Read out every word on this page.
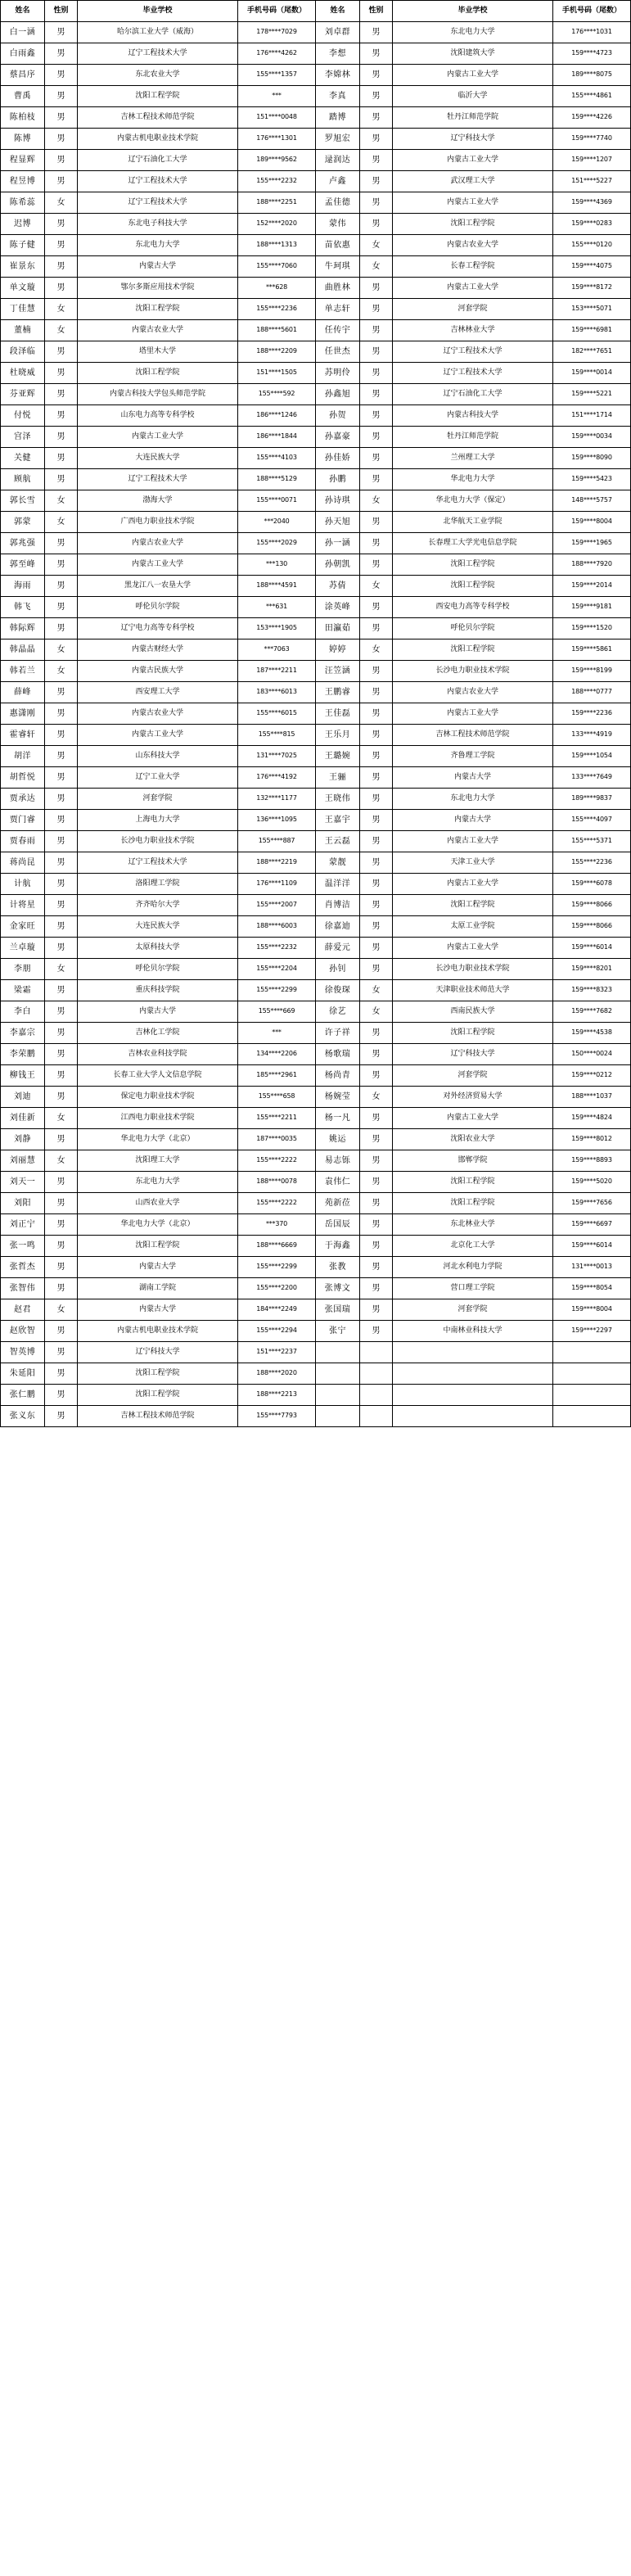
姓名	性别	毕业学校	手机号码（尾数）	姓名	性别	毕业学校	手机号码（尾数）
白一涵	男	哈尔滨工业大学（威海）	178****7029	刘卓群	男	东北电力大学	176****1031
白雨鑫	男	辽宁工程技术大学	176****4262	李想	男	沈阳建筑大学	159****4723
蔡昌序	男	东北农业大学	155****1357	李嫦林	男	内蒙古工业大学	189****8075
曹禹	男	沈阳工程学院	***	李真	男	临沂大学	155****4861
陈柏枝	男	吉林工程技术师范学院	151****0048	踏博	男	牡丹江师范学院	159****4226
陈博	男	内蒙古机电职业技术学院	176****1301	罗旭宏	男	辽宁科技大学	159****7740
程显辉	男	辽宁石油化工大学	189****9562	逯润达	男	内蒙古工业大学	159****1207
程昱博	男	辽宁工程技术大学	155****2232	卢鑫	男	武汉理工大学	151****5227
陈希蕊	女	辽宁工程技术大学	188****2251	孟佳德	男	内蒙古工业大学	159****4369
迟博	男	东北电子科技大学	152****2020	蒙伟	男	沈阳工程学院	159****0283
陈子健	男	东北电力大学	188****1313	苗依惠	女	内蒙古农业大学	155****0120
崔景东	男	内蒙古大学	155****7060	牛珂琪	女	长春工程学院	159****4075
单文璇	男	鄂尔多斯应用技术学院	***628	曲胜林	男	内蒙古工业大学	159****8172
丁佳慧	女	沈阳工程学院	155****2236	单志轩	男	河套学院	153****5071
董楠	女	内蒙古农业大学	188****5601	任传宇	男	吉林林业大学	159****6981
段泽临	男	塔里木大学	188****2209	任世杰	男	辽宁工程技术大学	182****7651
杜晓威	男	沈阳工程学院	151****1505	苏明伶	男	辽宁工程技术大学	159****0014
芬亚辉	男	内蒙古科技大学包头师范学院	155****592	孙鑫旭	男	辽宁石油化工大学	159****5221
付悦	男	山东电力高等专科学校	186****1246	孙贺	男	内蒙古科技大学	151****1714
宫泽	男	内蒙古工业大学	186****1844	孙嘉豪	男	牡丹江师范学院	159****0034
关健	男	大连民族大学	155****4103	孙佳娇	男	兰州理工大学	159****8090
顾航	男	辽宁工程技术大学	188****5129	孙鹏	男	华北电力大学	159****5423
郭长雪	女	渤海大学	155****0071	孙诗琪	女	华北电力大学（保定）	148****5757
郭蒙	女	广西电力职业技术学院	***2040	孙天旭	男	北华航天工业学院	159****8004
郭兆强	男	内蒙古农业大学	155****2029	孙一涵	男	长春理工大学光电信息学院	159****1965
郭至峰	男	内蒙古工业大学	***130	孙朝凯	男	沈阳工程学院	188****7920
海雨	男	黑龙江八一农垦大学	188****4591	苏倩	女	沈阳工程学院	159****2014
韩飞	男	呼伦贝尔学院	***631	涂英峰	男	西安电力高等专科学校	159****9181
韩际辉	男	辽宁电力高等专科学校	153****1905	田瀛茹	男	呼伦贝尔学院	159****1520
韩晶晶	女	内蒙古财经大学	***7063	婷婷	女	沈阳工程学院	159****5861
韩若兰	女	内蒙古民族大学	187****2211	汪笠涵	男	长沙电力职业技术学院	159****8199
薛峰	男	西安理工大学	183****6013	王鹏睿	男	内蒙古农业大学	188****0777
惠潇刚	男	内蒙古农业大学	155****6015	王佳磊	男	内蒙古工业大学	159****2236
霍睿轩	男	内蒙古工业大学	155****815	王乐月	男	吉林工程技术师范学院	133****4919
胡洋	男	山东科技大学	131****7025	王璐婉	男	齐鲁理工学院	159****1054
胡哲悦	男	辽宁工业大学	176****4192	王骊	男	内蒙古大学	133****7649
贾承达	男	河套学院	132****1177	王晓伟	男	东北电力大学	189****9837
贾门睿	男	上海电力大学	136****1095	王嘉宇	男	内蒙古大学	155****4097
贾春雨	男	长沙电力职业技术学院	155****887	王云磊	男	内蒙古工业大学	155****5371
蒋尚昆	男	辽宁工程技术大学	188****2219	蒙靓	男	天津工业大学	155****2236
计航	男	洛阳理工学院	176****1109	温洋洋	男	内蒙古工业大学	159****6078
计将星	男	齐齐哈尔大学	155****2007	肖博洁	男	沈阳工程学院	159****8066
金家旺	男	大连民族大学	188****6003	徐嘉迪	男	太原工业学院	159****8066
兰卓璇	男	太原科技大学	155****2232	薛爱元	男	内蒙古工业大学	159****6014
李朋	女	呼伦贝尔学院	155****2204	孙钊	男	长沙电力职业技术学院	159****8201
梁霜	男	重庆科技学院	155****2299	徐俊琛	女	天津职业技术师范大学	159****8323
李白	男	内蒙古大学	155****669	徐艺	女	西南民族大学	159****7682
李嘉宗	男	吉林化工学院	***	许子祥	男	沈阳工程学院	159****4538
李荣鹏	男	吉林农业科技学院	134****2206	杨歌瑞	男	辽宁科技大学	150****0024
柳钱王	男	长春工业大学人文信息学院	185****2961	杨尚青	男	河套学院	159****0212
刘迪	男	保定电力职业技术学院	155****658	杨婉莹	女	对外经济贸易大学	188****1037
刘佳新	女	江西电力职业技术学院	155****2211	杨一凡	男	内蒙古工业大学	159****4824
刘静	男	华北电力大学（北京）	187****0035	姚运	男	沈阳农业大学	159****8012
刘丽慧	女	沈阳理工大学	155****2222	易志铄	男	邯郸学院	159****8893
刘天一	男	东北电力大学	188****0078	袁伟仁	男	沈阳工程学院	159****5020
刘阳	男	山西农业大学	155****2222	苑新莅	男	沈阳工程学院	159****7656
刘正宁	男	华北电力大学（北京）	***370	岳国辰	男	东北林业大学	159****6697
张一鸣	男	沈阳工程学院	188****6669	于海鑫	男	北京化工大学	159****6014
张哲杰	男	内蒙古大学	155****2299	张教	男	河北水利电力学院	131****0013
张智伟	男	湖南工学院	155****2200	张博文	男	营口理工学院	159****8054
赵君	女	内蒙古大学	184****2249	张国瑞	男	河套学院	159****8004
赵欣智	男	内蒙古机电职业技术学院	155****2294	张宁	男	中南林业科技大学	159****2297
智英博	男	辽宁科技大学	151****2237				
朱延阳	男	沈阳工程学院	188****2020				
张仁鹏	男	沈阳工程学院	188****2213				
张义东	男	吉林工程技术师范学院	155****7793				
